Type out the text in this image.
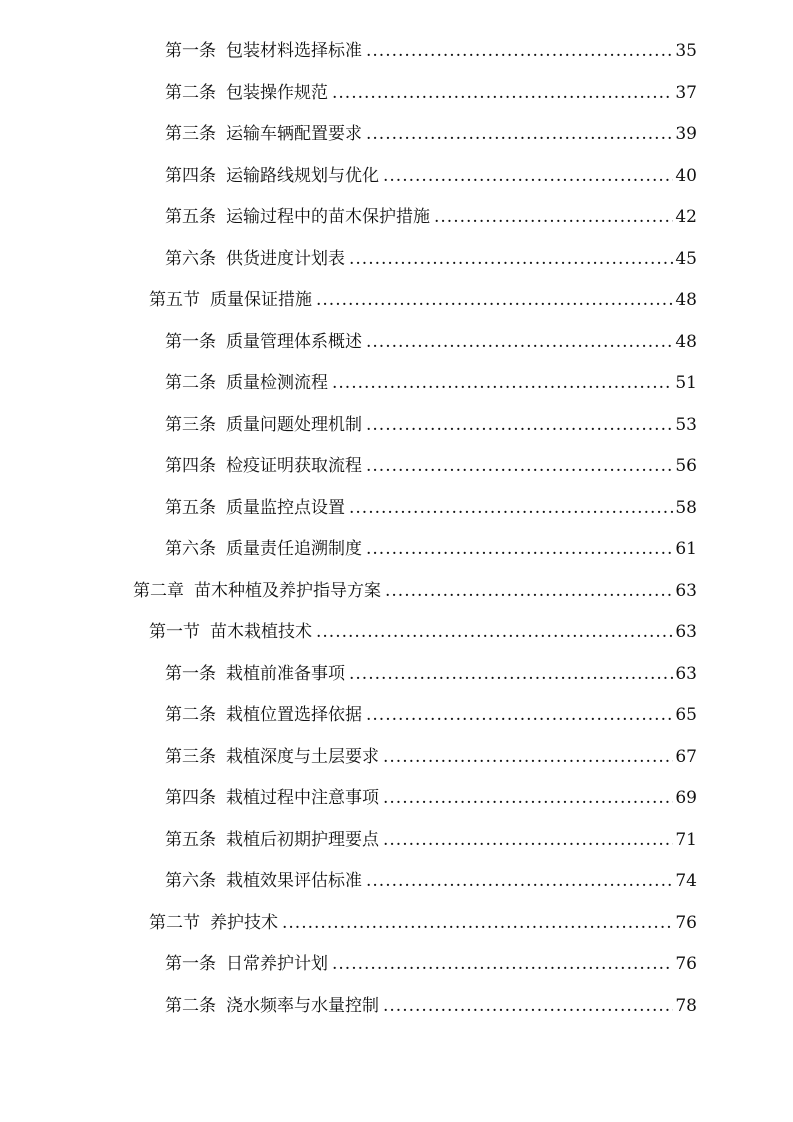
第一条 包装材料选择标准 .....	35
第二条 包装操作规范 .....	37
第三条 运输车辆配置要求 .....	39
第四条 运输路线规划与优化 .....	40
第五条 运输过程中的苗木保护措施 .....	42
第六条 供货进度计划表 .....	45
第五节 质量保证措施 .....	48
第一条 质量管理体系概述 .....	48
第二条 质量检测流程 .....	51
第三条 质量问题处理机制 .....	53
第四条 检疫证明获取流程 .....	56
第五条 质量监控点设置 .....	58
第六条 质量责任追溯制度 .....	61
第二章 苗木种植及养护指导方案 .....	63
第一节 苗木栽植技术 .....	63
第一条 栽植前准备事项 .....	63
第二条 栽植位置选择依据 .....	65
第三条 栽植深度与土层要求 .....	67
第四条 栽植过程中注意事项 .....	69
第五条 栽植后初期护理要点 .....	71
第六条 栽植效果评估标准 .....	74
第二节 养护技术 .....	76
第一条 日常养护计划 .....	76
第二条 浇水频率与水量控制 .....	78
